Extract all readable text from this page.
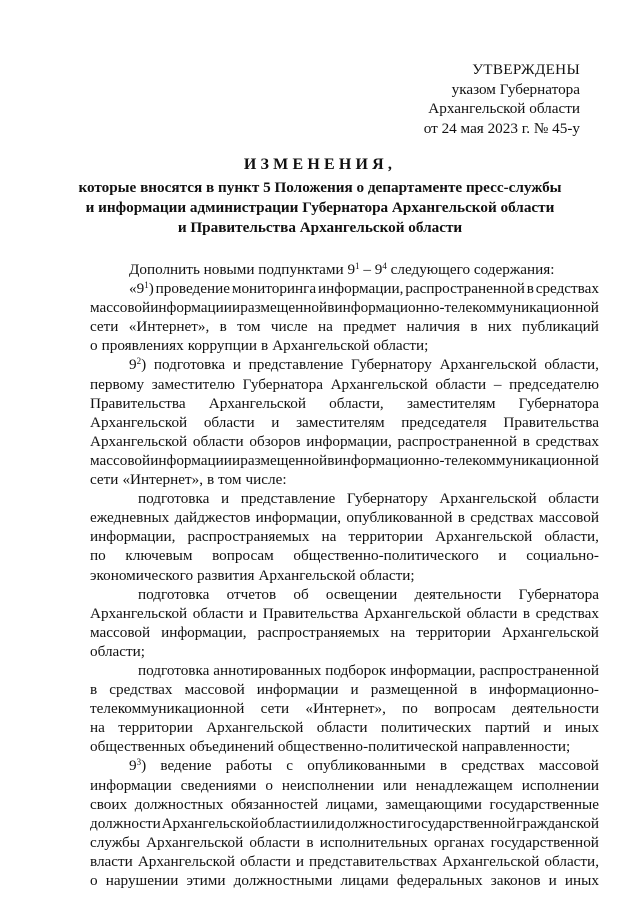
УТВЕРЖДЕНЫ
указом Губернатора
Архангельской области
от 24 мая 2023 г. № 45-у
ИЗМЕНЕНИЯ,
которые вносятся в пункт 5 Положения о департаменте пресс-службы
и информации администрации Губернатора Архангельской области
и Правительства Архангельской области
Дополнить новыми подпунктами $9^1 - 9^4$ следующего содержания:
«$9^1$) проведение мониторинга информации, распространенной в средствах
массовой информации и размещенной в информационно-телекоммуникационной
сети «Интернет», в том числе на предмет наличия в них публикаций
о проявлениях коррупции в Архангельской области;
$9^2$) подготовка и представление Губернатору Архангельской области,
первому заместителю Губернатора Архангельской области – председателю
Правительства Архангельской области, заместителям Губернатора
Архангельской области и заместителям председателя Правительства
Архангельской области обзоров информации, распространенной в средствах
массовой информации и размещенной в информационно-телекоммуникационной
сети «Интернет», в том числе:
подготовка и представление Губернатору Архангельской области
ежедневных дайджестов информации, опубликованной в средствах массовой
информации, распространяемых на территории Архангельской области,
по ключевым вопросам общественно-политического и социально-
экономического развития Архангельской области;
подготовка отчетов об освещении деятельности Губернатора
Архангельской области и Правительства Архангельской области в средствах
массовой информации, распространяемых на территории Архангельской
области;
подготовка аннотированных подборок информации, распространенной
в средствах массовой информации и размещенной в информационно-
телекоммуникационной сети «Интернет», по вопросам деятельности
на территории Архангельской области политических партий и иных
общественных объединений общественно-политической направленности;
$9^3$) ведение работы с опубликованными в средствах массовой
информации сведениями о неисполнении или ненадлежащем исполнении
своих должностных обязанностей лицами, замещающими государственные
должности Архангельской области или должности государственной гражданской
службы Архангельской области в исполнительных органах государственной
власти Архангельской области и представительствах Архангельской области,
о нарушении этими должностными лицами федеральных законов и иных
